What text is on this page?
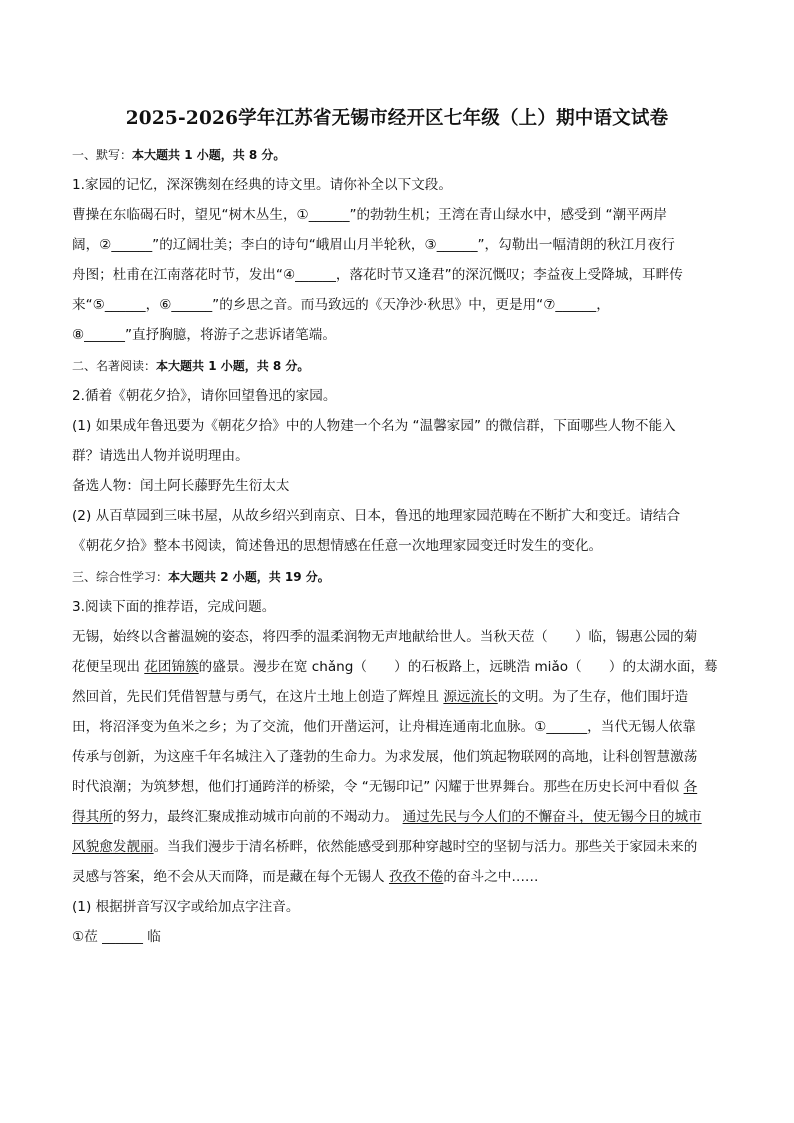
2025-2026学年江苏省无锡市经开区七年级（上）期中语文试卷
一、默写：本大题共 1 小题，共 8 分。
1.家园的记忆，深深镌刻在经典的诗文里。请你补全以下文段。
曹操在东临碣石时，望见“树木丛生，①______”的勃勃生机；王湾在青山绿水中，感受到 “潮平两岸
阔，②______”的辽阔壮美；李白的诗句“峨眉山月半轮秋，③______”，勾勒出一幅清朗的秋江月夜行
舟图；杜甫在江南落花时节，发出“④______，落花时节又逢君”的深沉慨叹；李益夜上受降城，耳畔传
来“⑤______，⑥______”的乡思之音。而马致远的《天净沙·秋思》中，更是用“⑦______，
⑧______”直抒胸臆，将游子之悲诉诸笔端。
二、名著阅读：本大题共 1 小题，共 8 分。
2.循着《朝花夕拾》，请你回望鲁迅的家园。
(1) 如果成年鲁迅要为《朝花夕拾》中的人物建一个名为 “温馨家园” 的微信群，下面哪些人物不能入
群？请选出人物并说明理由。
备选人物：闰土阿长藤野先生衍太太
(2) 从百草园到三味书屋，从故乡绍兴到南京、日本，鲁迅的地理家园范畴在不断扩大和变迁。请结合
《朝花夕拾》整本书阅读，简述鲁迅的思想情感在任意一次地理家园变迁时发生的变化。
三、综合性学习：本大题共 2 小题，共 19 分。
3.阅读下面的推荐语，完成问题。
无锡，始终以含蓄温婉的姿态，将四季的温柔润物无声地献给世人。当秋天莅（　　）临，锡惠公园的菊
花便呈现出 花团锦簇的盛景。漫步在宽 chǎng（　　）的石板路上，远眺浩 miǎo（　　）的太湖水面，蓦
然回首，先民们凭借智慧与勇气，在这片土地上创造了辉煌且 源远流长的文明。为了生存，他们围圩造
田，将沼泽变为鱼米之乡；为了交流，他们开凿运河，让舟楫连通南北血脉。①______，当代无锡人依靠
传承与创新，为这座千年名城注入了蓬勃的生命力。为求发展，他们筑起物联网的高地，让科创智慧激荡
时代浪潮；为筑梦想，他们打通跨洋的桥梁，令 “无锡印记” 闪耀于世界舞台。那些在历史长河中看似 各
得其所的努力，最终汇聚成推动城市向前的不竭动力。 通过先民与今人们的不懈奋斗，使无锡今日的城市
风貌愈发靓丽。当我们漫步于清名桥畔，依然能感受到那种穿越时空的坚韧与活力。那些关于家园未来的
灵感与答案，绝不会从天而降，而是藏在每个无锡人 孜孜不倦的奋斗之中……
(1) 根据拼音写汉字或给加点字注音。
①莅 ______ 临
